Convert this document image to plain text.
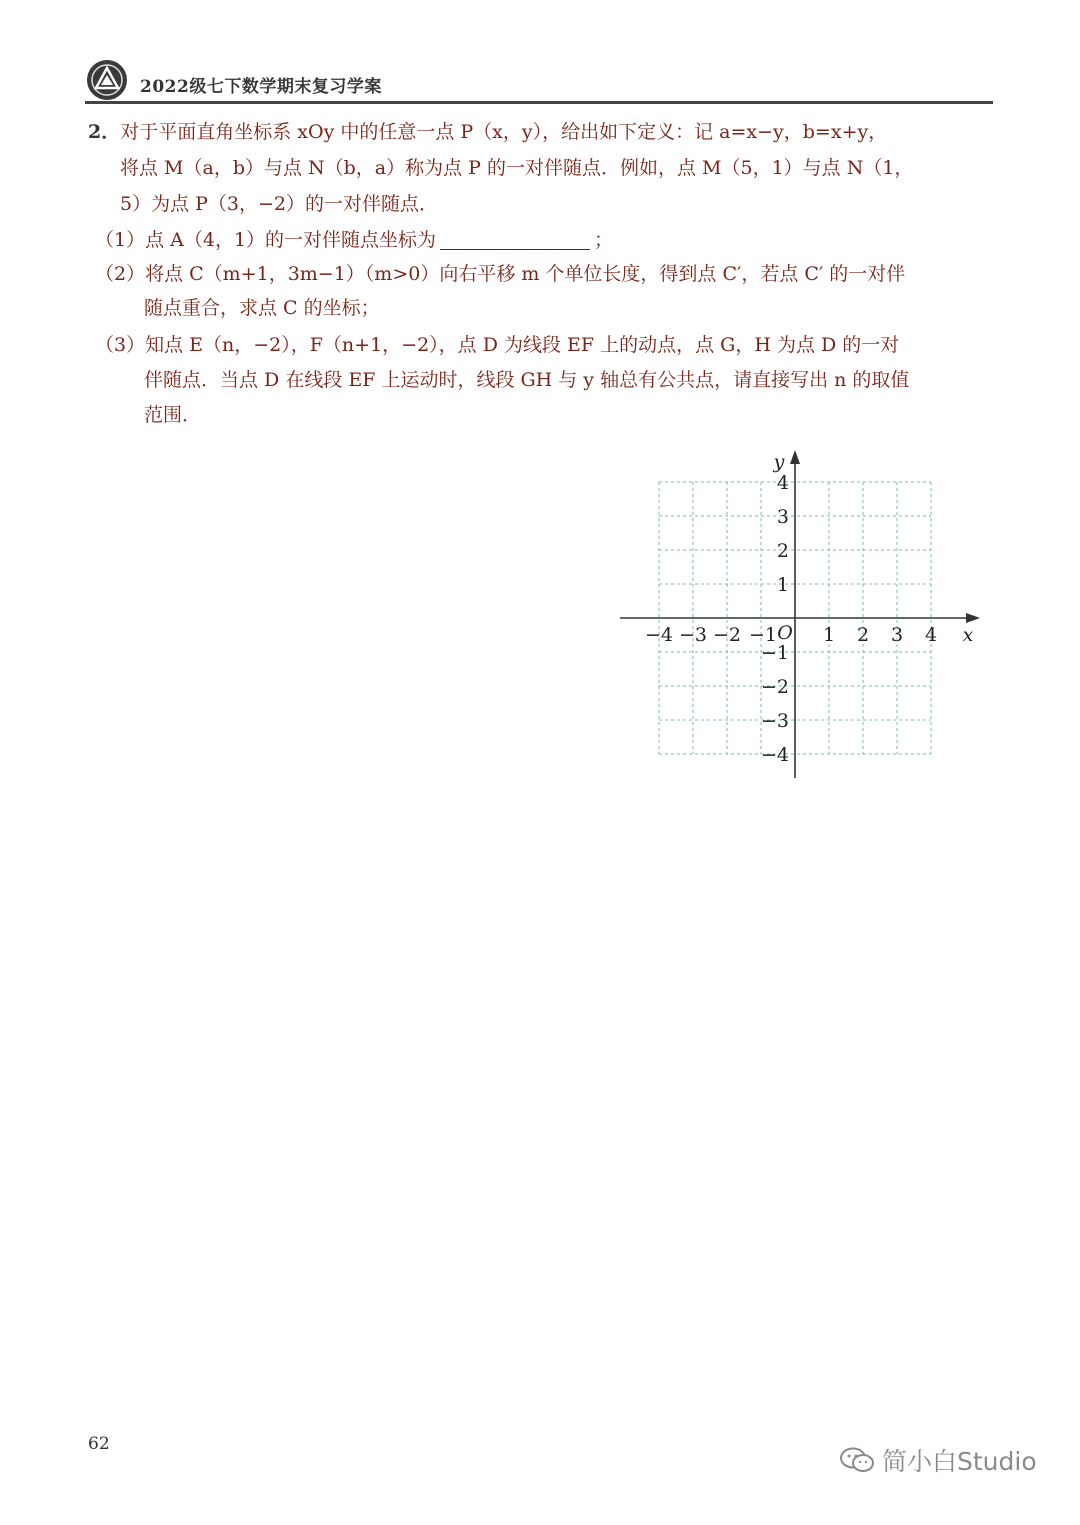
2022级七下数学期末复习学案
2．对于平面直角坐标系 xOy 中的任意一点 P（x，y），给出如下定义：记 a=x−y，b=x+y，
将点 M（a，b）与点 N（b，a）称为点 P 的一对伴随点．例如，点 M（5，1）与点 N（1，
5）为点 P（3，−2）的一对伴随点．
（1）点 A（4，1）的一对伴随点坐标为	；
（2）将点 C（m+1，3m−1）（m>0）向右平移 m 个单位长度，得到点 C′，若点 C′ 的一对伴
随点重合，求点 C 的坐标；
（3）知点 E（n，−2），F（n+1，−2），点 D 为线段 EF 上的动点，点 G，H 为点 D 的一对
伴随点．当点 D 在线段 EF 上运动时，线段 GH 与 y 轴总有公共点，请直接写出 n 的取值
范围．
−4 −3 −2 −1 1 2 3 4
4
3
2
1
−1
−2
−3
−4
O	x
y
62
简小白Studio
